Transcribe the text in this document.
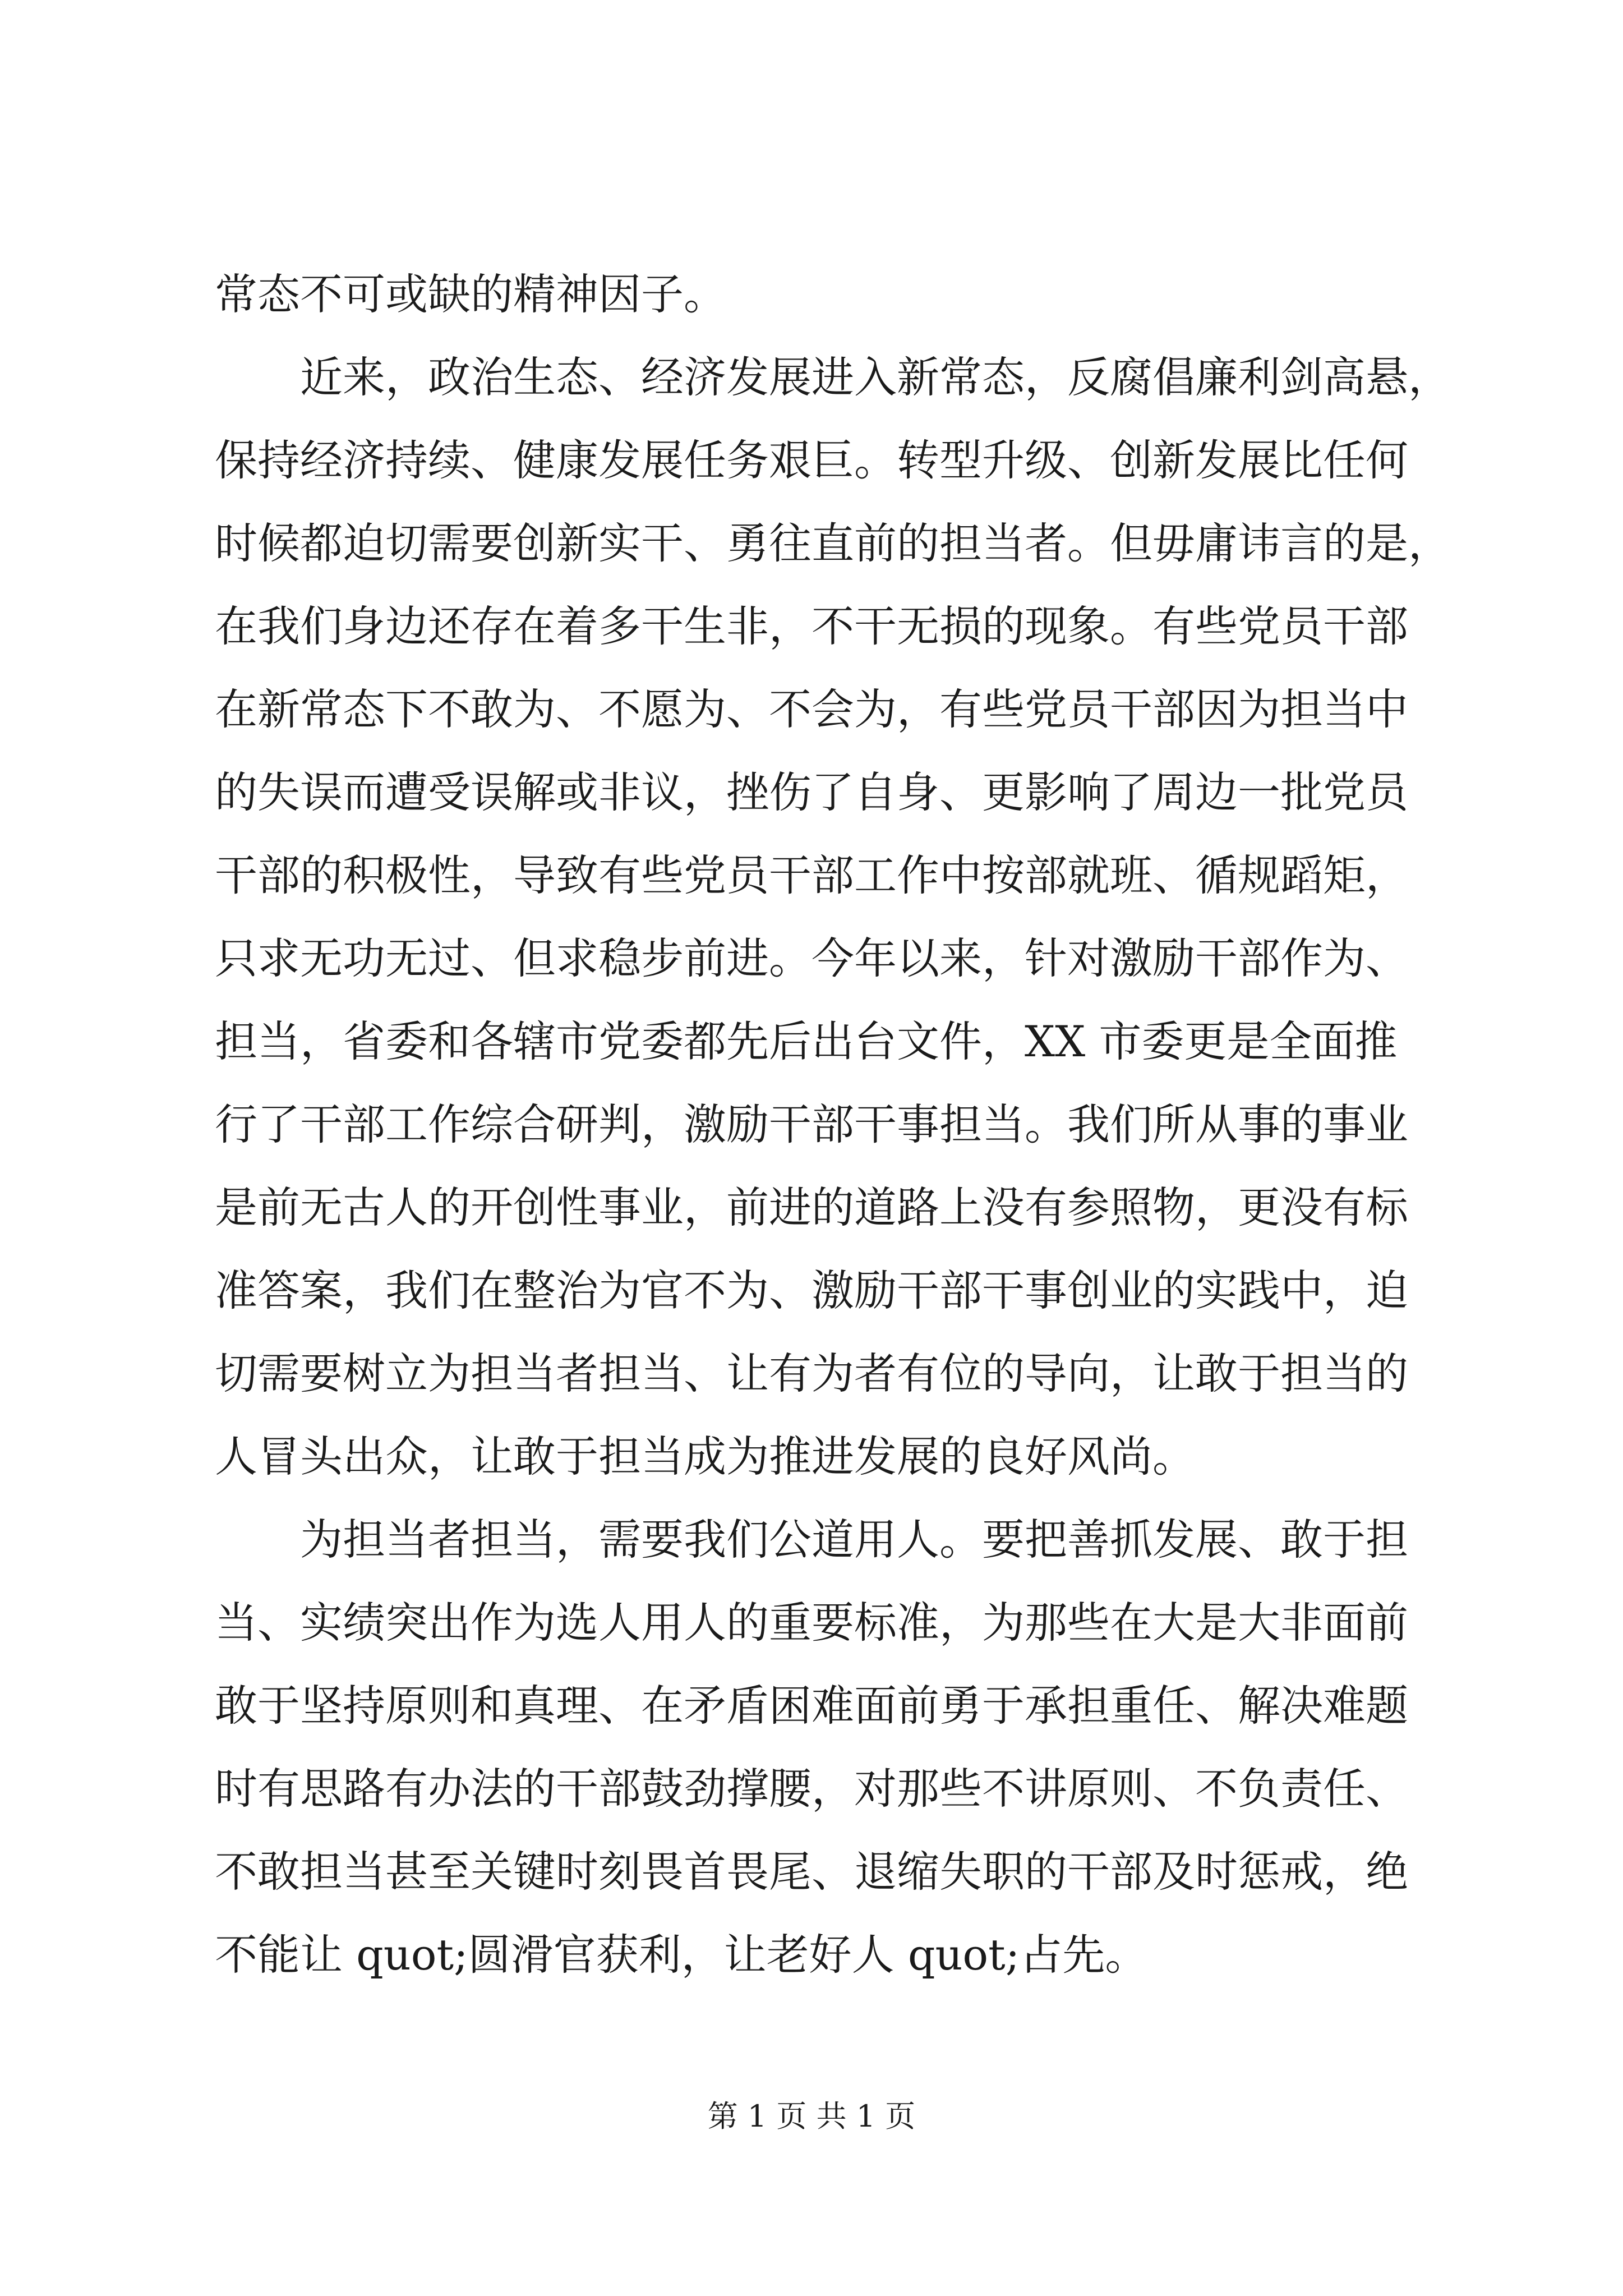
常态不可或缺的精神因子。

近来，政治生态、经济发展进入新常态，反腐倡廉利剑高悬，

保持经济持续、健康发展任务艰巨。转型升级、创新发展比任何

时候都迫切需要创新实干、勇往直前的担当者。但毋庸讳言的是，

在我们身边还存在着多干生非，不干无损的现象。有些党员干部

在新常态下不敢为、不愿为、不会为，有些党员干部因为担当中

的失误而遭受误解或非议，挫伤了自身、更影响了周边一批党员

干部的积极性，导致有些党员干部工作中按部就班、循规蹈矩，

只求无功无过、但求稳步前进。今年以来，针对激励干部作为、

担当，省委和各辖市党委都先后出台文件，XX 市委更是全面推

行了干部工作综合研判，激励干部干事担当。我们所从事的事业

是前无古人的开创性事业，前进的道路上没有参照物，更没有标

准答案，我们在整治为官不为、激励干部干事创业的实践中，迫

切需要树立为担当者担当、让有为者有位的导向，让敢于担当的

人冒头出众，让敢于担当成为推进发展的良好风尚。

为担当者担当，需要我们公道用人。要把善抓发展、敢于担

当、实绩突出作为选人用人的重要标准，为那些在大是大非面前

敢于坚持原则和真理、在矛盾困难面前勇于承担重任、解决难题

时有思路有办法的干部鼓劲撑腰，对那些不讲原则、不负责任、

不敢担当甚至关键时刻畏首畏尾、退缩失职的干部及时惩戒，绝

不能让 quot;圆滑官获利，让老好人 quot;占先。

第 1 页 共 1 页
